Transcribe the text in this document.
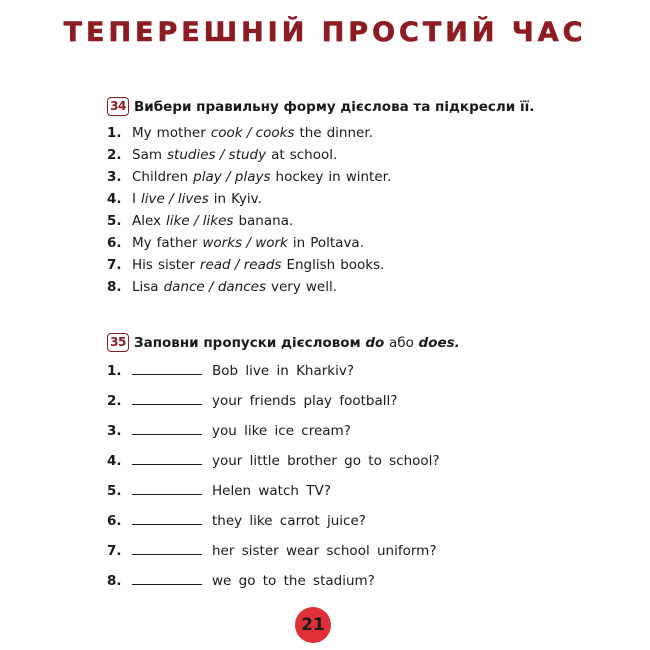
ТЕПЕРЕШНІЙ ПРОСТИЙ ЧАС
34 Вибери правильну форму дієслова та підкресли її.
1. My mother cook / cooks the dinner.
2. Sam studies / study at school.
3. Children play / plays hockey in winter.
4. I live / lives in Kyiv.
5. Alex like / likes banana.
6. My father works / work in Poltava.
7. His sister read / reads English books.
8. Lisa dance / dances very well.
35 Заповни пропуски дієсловом do або does.
1.	Bob live in Kharkiv?
2.	your friends play football?
3.	you like ice cream?
4.	your little brother go to school?
5.	Helen watch TV?
6.	they like carrot juice?
7.	her sister wear school uniform?
8.	we go to the stadium?
21
